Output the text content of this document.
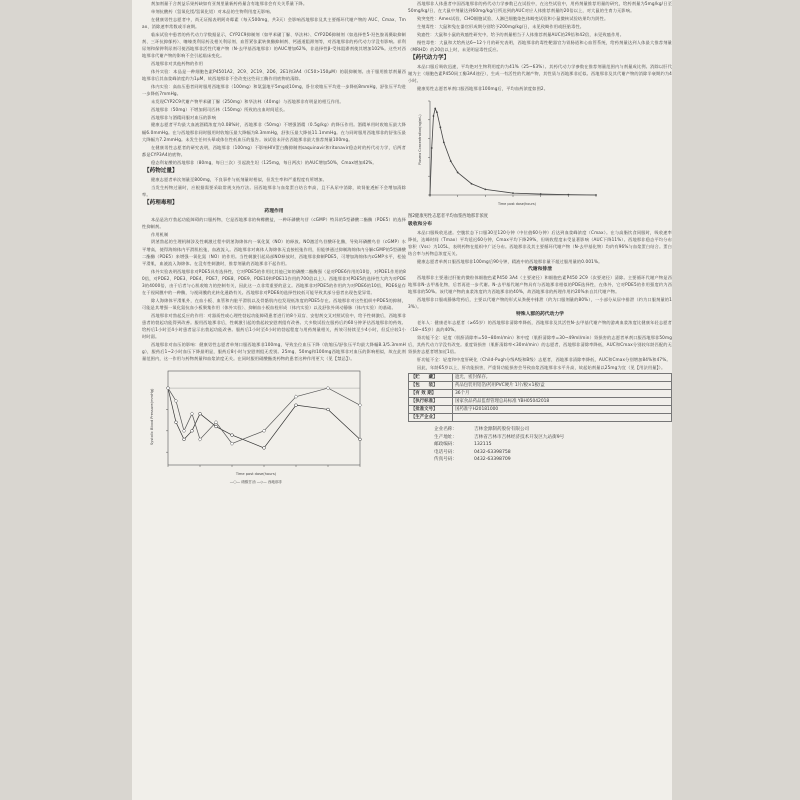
剂加剂量于合剂益乐果药缺如有亚剂里量新药药量含有地那非会有关关系量下降。
单剂抗酸药（氢氧化镁/氢氧化铝）对本品的生物利用度无影响。
在健康男性志愿者中，尚无证据表明阿奇霉素（每天500mg，共3天）会影响西地那非及其主要循环代谢产物的 AUC、Cmax、Tmax、消除速率常数或半衰期。
临床试验中患者的药代动力学数据显示，CYP2C9抑制剂（如甲苯磺丁脲、华法林）、CYP2D6抑制剂（如选择性5-羟色胺再摄取抑制剂、三环抗抑郁药）、噻嗪类利尿药及相关利尿剂、血管紧张素转换酶抑制剂、钙通道阻滞剂等，对西地那非的药代动力学没有影响。祥利尿剂和保钾利尿剂可使西地那非活性代谢产物（N-去甲基西地那非）的AUC增加62%，非选择性β-受体阻滞剂使其增加102%。这些对西地那非代谢产物的影响不会引起临床变化。
西地那非对其他药物的作用
体外实验：本品是一种细胞色素P4501A2、2C9、2C19、2D6、2E1和3A4（IC50>150μM）的弱抑制剂。由于服用推荐剂量西地那非后其血浆峰浓度约为1μM，故西地那非不会改变这些同工酶作用底物的清除。
体内实验：高血压患者同时服用西地那非（100mg）和氨氯地平5mg或10mg，卧位收缩压平均进一步降低8mmHg，舒张压平均进一步降低7mmHg。
未发现CYP2C9代谢产物甲苯磺丁脲（250mg）和华法林（40mg）与西地那非有明显的相互作用。
西地那非（50mg）不增加阿司匹林（150mg）所致的出血时间延长。
西地那非与酒精同服对血压的影响
健康志愿者平均最大血液酒精浓度为0.08%时，西地那非（50mg）不增强酒精（0.5g/kg）的降压作用。酒精单用时收缩压最大降幅6.0mmHg。在与西地那非同时服用时收缩压最大降幅为8.3mmHg，舒张压最大降低11.1mmHg。在与同时服用西地那非的舒张压最大降幅为7.2mmHg。未发生任何头晕或体位性低血压的报告。该试验未评估西地那非最大推荐剂量100mg。
在健康男性志愿者的研究表明，西地那非（100mg）不影响HIV蛋白酶抑制剂saquinavir和ritonavir稳态时的药代动力学，后两者都是CYP3A4的底物。
稳态利复酸的西地那非（80mg，每日三次）引起波生坦（125mg，每日两次）的AUC增加50%，Cmax增加42%。
【药物过量】
健康志愿者单次剂量至800mg，不良事件与低剂量时相似，但发生率和严重程度有所增加。
当发生药物过量时，应根据需要采取常规支持疗法。因西地那非与血浆蛋白结合率高，且不从尿中消除，故肾脏透析不会增加清除率。
【药理毒理】
药理作用
本品是治疗勃起功能障碍的口服药物，它是西地那非的枸橼酸盐，一种环磷酸鸟苷（cGMP）特异的5型磷酸二酯酶（PDE5）的选择性抑制剂。
作用机制
阴茎勃起的生理机制涉及性刺激过程中阴茎海绵体内一氧化氮（NO）的释放。NO激活鸟苷酸环化酶，导致环磷酸鸟苷（cGMP）水平增高，使得海绵体内平滑肌松弛，血液流入。西地那非对离体人海绵体无直接松弛作用，但能够通过抑制海绵体内分解cGMP的5型磷酸二酯酶（PDE5）来增强一氧化氮（NO）的作用。当性刺激引起局部NO释放时，西地那非抑制PDE5，可增加海绵体内cGMP水平，松弛平滑肌，血液流入海绵体。在没有性刺激时，推荐剂量的西地那非不起作用。
体外实验表明西地那非对PDE5具有选择性，它对PDE5的作用比其他已知的磷酸二酯酶强（是对PDE6作用的10倍，对PDE1作用的80倍，对PDE2、PDE3、PDE4、PDE7、PDE8、PDE9、PDE10和PDE11作用的700倍以上）。西地那非对PDE5的选择性大约为对PDE3的4000倍，由于后者与心肌收缩力的控制有关，因此这一点非常重要的意义。西地那非对PDE5的作用约为对PDE6的10倍，PDE6是存在于视网膜中的一种酶，与视网膜的光转化通路有关。西地那非对PDE6的选择性较低可能导致其部分患者出现色觉异常。
除人海绵体平滑肌外，在血小板、血管和内脏平滑肌以及骨骼肌内也发现低浓度的PDE5存在。西地那非对这些组织中PDE5的抑制，可能是其增强一氧化氮抗血小板聚集作用（体外实验）、抑制血小板血栓形成（体内实验）以及舒张外周动静脉（体内实验）的基础。
西地那非对勃起反应的作用：对器质性或心理性勃起功能障碍患者进行的8个双盲、安慰剂交叉对照试验中，给予性刺激后，西地那非患者的勃起功能得到改善。服用西地那非后，性刺激引起的勃起较安慰剂组有改善。大多数试验在服药后约60分钟评估西地那非的药效。给药后1小时至4小时患者显示出勃起功能改善。服药后1小时至4小时的勃起程度与用药剂量相关，药效可持续至少4小时，但反应较1小时时弱。
西地那非对血压的影响：健康男性志愿者单剂口服西地那非100mg，导致坐位血压下降（收缩压/舒张压平均最大降幅8.3/5.3mmHg），服药后1~2小时血压下降最明显，服药后8小时与安慰剂组无差别。25mg、50mg和100mg西地那非对血压的影响相似，故在此剂量范围内，这一作用与药物剂量和血浆浓度无关。在同时服用硝酸酯类药物的患者这种作用更大（见【禁忌】）。
Systolic Blood Pressure(mmHg)
Time post dose(hours)
—○— 硝酸甘油 —◇— 西地那非
西地那非人体患者中国西地那非的药代动力学参数已在试验中，在这些试验中，用药剂量推荐用量的研究，给药剂量为5mg/kg/日至50mg/kg/日，在大鼠中剂量达到60mg/kg/日所达到的AUC对应人体推荐剂量的20倍以上，对大鼠的生育力无影响。
致突变性：Ames试验、CHO细胞试验、人淋巴细胞染色体畸变试验和小鼠微核试验结果均为阴性。
生殖毒性：大鼠和兔在器官形成期分别给予200mg/kg/日，未见致畸作用或胚胎毒性。
致癌性：大鼠和小鼠的致癌性研究中，给予的剂量相当于人体推荐剂量AUC的29倍和42倍，未见致癌作用。
慢性毒性：大鼠和犬给药达6~12个月的研究表明，西地那非的毒性靶器官为胃肠道和心血管系统，给药剂量达到人体最大推荐剂量（MRHD）的20倍以上时，未见明显毒性反应。
【药代动力学】
本品口服后吸收迅速，平均绝对生物利用度约为41%（25~63%）。其药代动力学参数在推荐剂量范围内与剂量成比例。消除以肝代谢为主（细胞色素P450同工酶3A4途径），生成一有活性的代谢产物，其性质与西地那非近似。西地那非及其代谢产物的消除半衰期约为4小时。
健康男性志愿者单剂口服西地那非100mg后，平均血药浓度如图2。
Plasma Concentration(ng/mL)
Time post dose(hours)
图2健康男性志愿者平均血浆西地那非浓度
吸收和分布
本品口服吸收迅速。空腹状态下口服30至120分钟（中位值60分钟）后达到血浆峰浓度（Cmax）。在与高脂饮食同服时，吸收速率降低，达峰时间（Tmax）平均延迟60分钟，Cmax平均下降29%，但吸收程度未受显著影响（AUC下降11%）。西地那非稳态平均分布容积（Vss）为105L，表明药物在组织中广泛分布。西地那非及其主要循环代谢产物（N-去甲基化物）均约有96%与血浆蛋白结合。蛋白结合率与药物总浓度无关。
健康志愿者单剂口服西地那非100mg后90分钟，精液中的西地那非量不超过服用量的0.001%。
代谢和排泄
西地那非主要通过肝脏的微粒体细胞色素P450 3A4（主要途径）和细胞色素P450 2C9（次要途径）清除。主要循环代谢产物是西地那非N-去甲基化物，后者再进一步代谢。N-去甲基代谢产物具有与西地那非相似的PDE选择性，在体外，它对PDE5的作用强度约为西地那非的50%。该代谢产物的血浆浓度约为西地那非的40%，故西地那非的药理作用约20%来自其代谢产物。
西地那非口服或静脉给药后，主要以代谢产物的形式从粪便中排泄（约为口服剂量的80%），一小部分从尿中排泄（约为口服剂量的13%）。
特殊人群的药代动力学
老年人：健康老年志愿者（≥65岁）的西地那非清除率降低，西地那非及其活性N-去甲基代谢产物的游离血浆浓度比健康年轻志愿者（18~45岁）高约40%。
肾功能不全：轻度（肌酐清除率=50~80ml/min）和中度（肌酐清除率=30~49ml/min）肾损害的志愿者单剂口服西地那非50mg后，其药代动力学没有改变。重度肾损害（肌酐清除率<30ml/min）的志愿者，西地那非清除率降低，AUC和Cmax分别较年龄匹配的无肾损害志愿者增加近1倍。
肝功能不全：轻度和中度肝硬化（Child-Pugh分级A级和B级）志愿者，西地那非清除率降低，AUC和Cmax分别增加84%和47%。
因此，年龄65岁以上，肝功能损害，严重肾功能损害会导致血浆西地那非水平升高，故起始剂量以25mg为宜（见【用法用量】）。
【贮　　藏】	遮光，密封保存。
【包　　装】	药品包装用铝箔/药用PVC硬片 1片/板×1板/盒
【有 效 期】	36个月
【执行标准】	国家食品药品监督管理总局标准 YBH05042018
【批准文号】	国药准字H20181000
【生产企业】	
企业名称：	吉林金源制药股份有限公司
生产地址：	吉林省吉林市吉林经济技术开发区九站街9号
邮政编码：	132115
电话号码：	0432-63398758
传真号码：	0432-63398709
